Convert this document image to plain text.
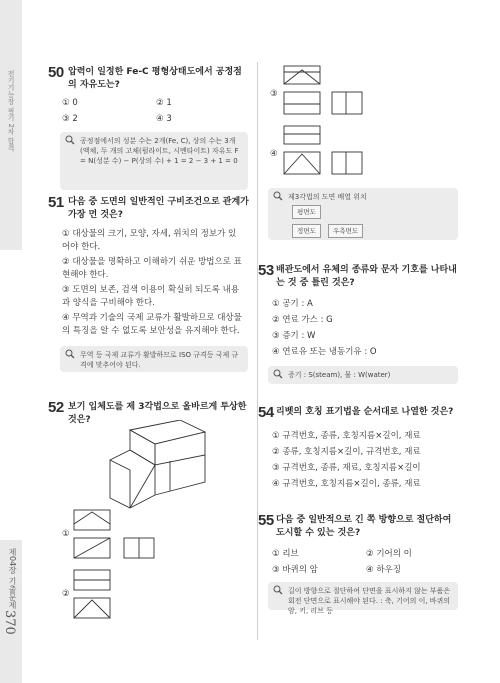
전기기능장 필기 2차 합격
제04장 기출문제
370
50 압력이 일정한 Fe-C 평형상태도에서 공정점의 자유도는?
① 0	② 1
③ 2	④ 3
공정점에서의 성분 수는 2개(Fe, C), 상의 수는 3개(액체, 두 개의 고체(펄라이트, 시멘타이트) 자유도 F = N(성분 수) − P(상의 수) + 1 = 2 − 3 + 1 = 0
51 다음 중 도면의 일반적인 구비조건으로 관계가 가장 먼 것은?
① 대상물의 크기, 모양, 자세, 위치의 정보가 있어야 한다.
② 대상물을 명확하고 이해하기 쉬운 방법으로 표현해야 한다.
③ 도면의 보존, 검색 이용이 확실히 되도록 내용과 양식을 구비해야 한다.
④ 무역과 기술의 국제 교류가 활발하므로 대상물의 특징을 알 수 없도록 보안성을 유지해야 한다.
무역 등 국제 교류가 활발하므로 ISO 규격등 국제 규격에 맞추어야 된다.
52 보기 입체도를 제 3각법으로 올바르게 투상한 것은?
①
②
③
④
제3각법의 도면 배열 위치
평면도
정면도	우측면도
53 배관도에서 유체의 종류와 문자 기호를 나타내는 것 중 틀린 것은?
① 공기 : A
② 연료 가스 : G
③ 증기 : W
④ 연료유 또는 냉동기유 : O
증기 : S(steam), 물 : W(water)
54 리벳의 호칭 표기법을 순서대로 나열한 것은?
① 규격번호, 종류, 호칭지름×길이, 재료
② 종류, 호칭지름×길이, 규격번호, 재료
③ 규격번호, 종류, 재료, 호칭지름×길이
④ 규격번호, 호칭지름×길이, 종류, 재료
55 다음 중 일반적으로 긴 쪽 방향으로 절단하여 도시할 수 있는 것은?
① 리브	② 기어의 이
③ 바퀴의 암	④ 하우징
길이 방향으로 절단하여 단면을 표시하지 않는 부품은 회전 단면으로 표시해야 된다. : 축, 기어의 이, 바퀴의 암, 키, 리브 등
